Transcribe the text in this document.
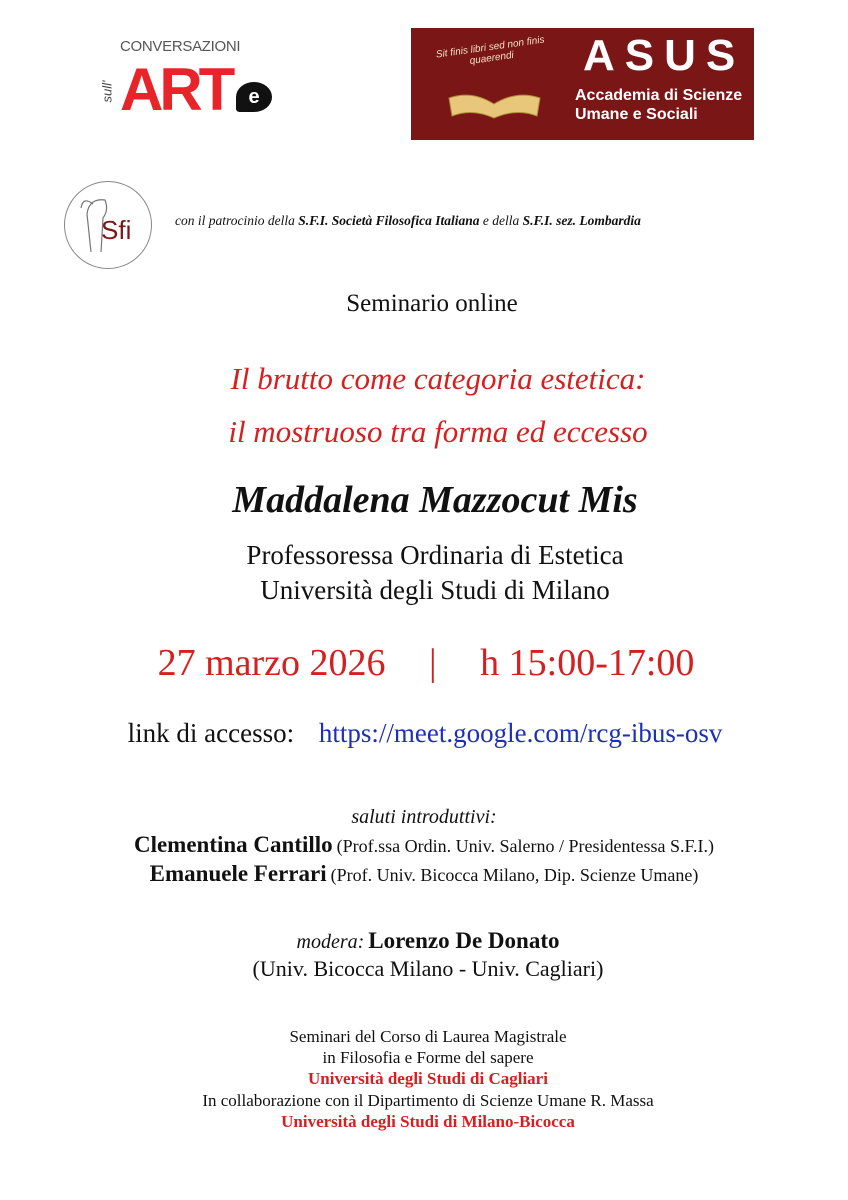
CONVERSAZIONI
ART
sull'	e
Sit finis libri sed non finis quaerendi	ASUS
Accademia di Scienze
Umane e Sociali
Sfi	con il patrocinio della S.F.I. Società Filosofica Italiana e della S.F.I. sez. Lombardia
Seminario online
Il brutto come categoria estetica:
il mostruoso tra forma ed eccesso
Maddalena Mazzocut Mis
Professoressa Ordinaria di Estetica
Università degli Studi di Milano
27 marzo 2026 | h 15:00-17:00
link di accesso: https://meet.google.com/rcg-ibus-osv
saluti introduttivi:
Clementina Cantillo (Prof.ssa Ordin. Univ. Salerno / Presidentessa S.F.I.)
Emanuele Ferrari (Prof. Univ. Bicocca Milano, Dip. Scienze Umane)
modera: Lorenzo De Donato
(Univ. Bicocca Milano - Univ. Cagliari)
Seminari del Corso di Laurea Magistrale
in Filosofia e Forme del sapere
Università degli Studi di Cagliari
In collaborazione con il Dipartimento di Scienze Umane R. Massa
Università degli Studi di Milano-Bicocca
